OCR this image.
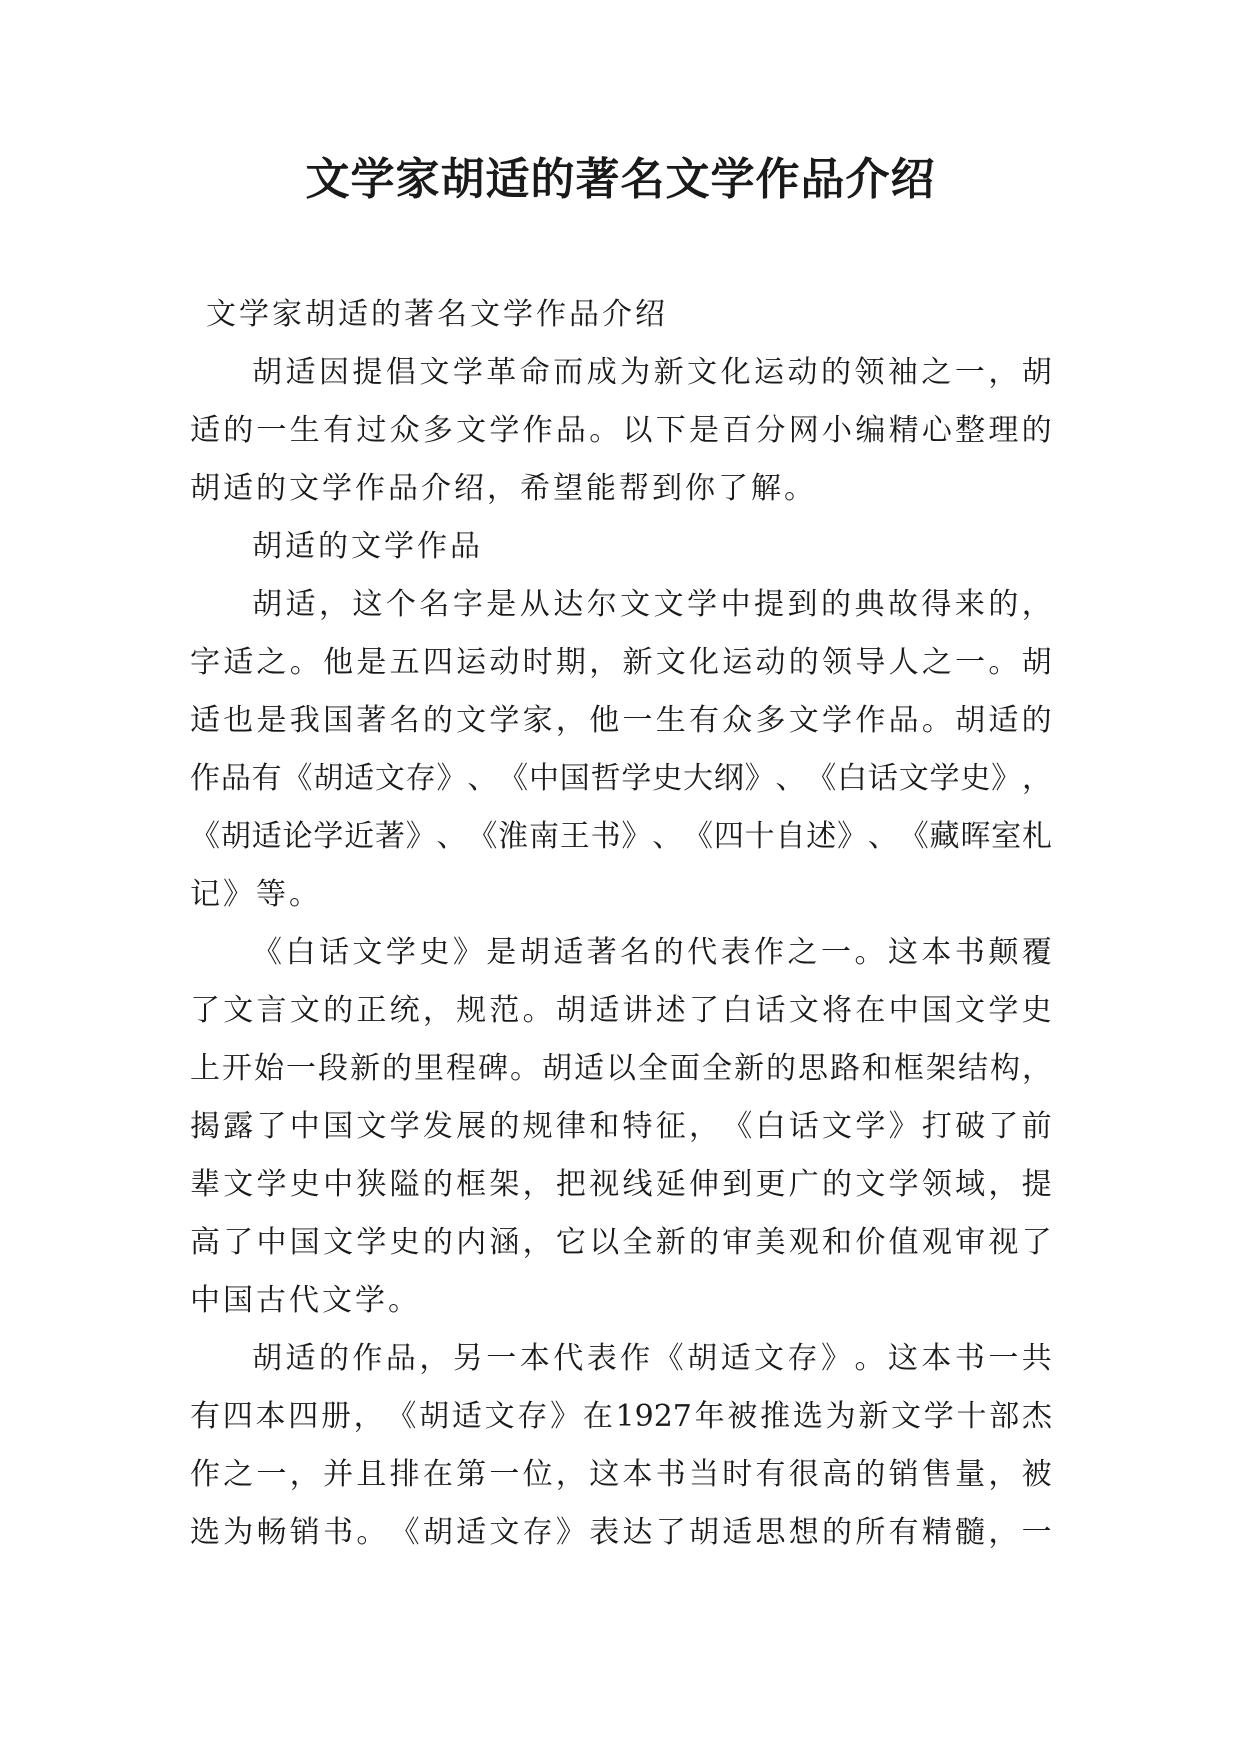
文学家胡适的著名文学作品介绍
文学家胡适的著名文学作品介绍
胡 适 因 提 倡 文 学 革 命 而 成 为 新 文 化 运 动 的 领 袖 之 一 ， 胡
适 的 一 生 有 过 众 多 文 学 作 品 。 以 下 是 百 分 网 小 编 精 心 整 理 的
胡适的文学作品介绍，希望能帮到你了解。
胡适的文学作品
胡 适 ， 这 个 名 字 是 从 达 尔 文 文 学 中 提 到 的 典 故 得 来 的 ，
字 适 之 。 他 是 五 四 运 动 时 期 ， 新 文 化 运 动 的 领 导 人 之 一 。 胡
适 也 是 我 国 著 名 的 文 学 家 ， 他 一 生 有 众 多 文 学 作 品 。 胡 适 的
作 品 有 《 胡 适 文 存 》 、 《 中 国 哲 学 史 大 纲 》 、 《 白 话 文 学 史 》 ，
《 胡 适 论 学 近 著 》 、 《 淮 南 王 书 》 、 《 四 十 自 述 》 、 《 藏 晖 室 札
记》等。
《 白 话 文 学 史 》 是 胡 适 著 名 的 代 表 作 之 一 。 这 本 书 颠 覆
了 文 言 文 的 正 统 ， 规 范 。 胡 适 讲 述 了 白 话 文 将 在 中 国 文 学 史
上 开 始 一 段 新 的 里 程 碑 。 胡 适 以 全 面 全 新 的 思 路 和 框 架 结 构 ，
揭 露 了 中 国 文 学 发 展 的 规 律 和 特 征 ， 《 白 话 文 学 》 打 破 了 前
辈 文 学 史 中 狭 隘 的 框 架 ， 把 视 线 延 伸 到 更 广 的 文 学 领 域 ， 提
高 了 中 国 文 学 史 的 内 涵 ， 它 以 全 新 的 审 美 观 和 价 值 观 审 视 了
中国古代文学。
胡 适 的 作 品 ， 另 一 本 代 表 作 《 胡 适 文 存 》 。 这 本 书 一 共
有 四 本 四 册 ， 《 胡 适 文 存 》 在 1927 年 被 推 选 为 新 文 学 十 部 杰
作 之 一 ， 并 且 排 在 第 一 位 ， 这 本 书 当 时 有 很 高 的 销 售 量 ， 被
选 为 畅 销 书 。 《 胡 适 文 存 》 表 达 了 胡 适 思 想 的 所 有 精 髓 ， 一
